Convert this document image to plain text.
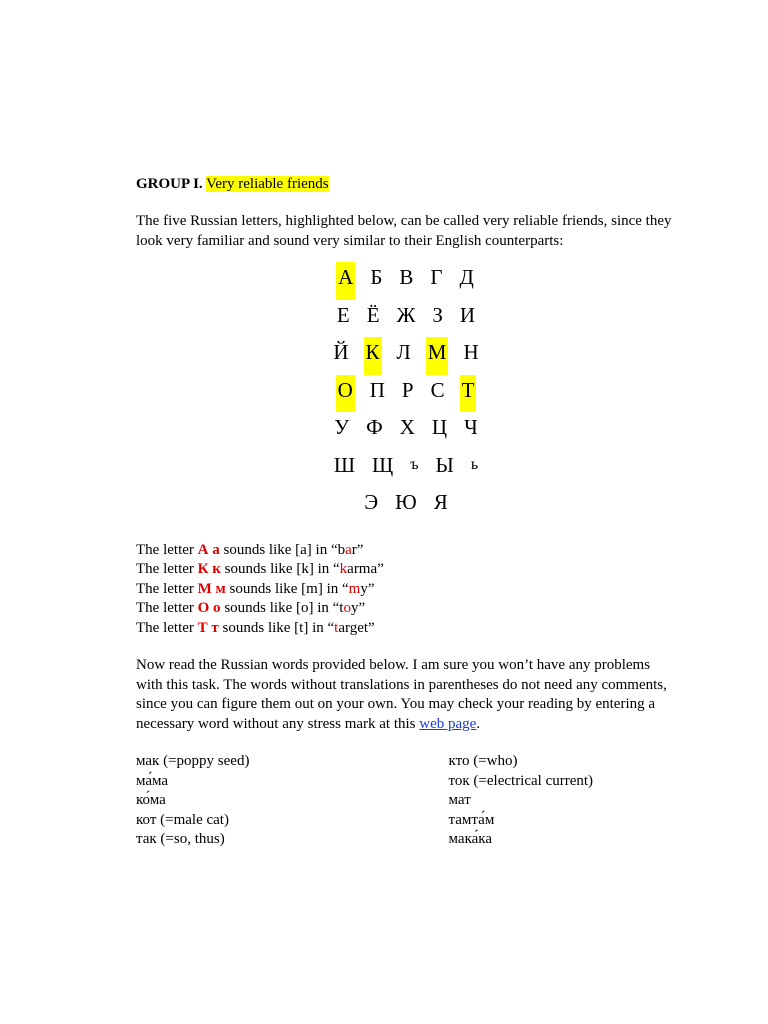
GROUP I. Very reliable friends

The five Russian letters, highlighted below, can be called very reliable friends, since they look very familiar and sound very similar to their English counterparts:

А Б В Г Д
Е Ё Ж З И
Й К Л М Н
О П Р С Т
У Ф Х Ц Ч
Ш Щ ъ Ы ь
Э Ю Я
The letter А а sounds like [a] in “bar”
The letter К к sounds like [k] in “karma”
The letter М м sounds like [m] in “my”
The letter О о sounds like [o] in “toy”
The letter Т т sounds like [t] in “target”

Now read the Russian words provided below. I am sure you won’t have any problems with this task. The words without translations in parentheses do not need any comments, since you can figure them out on your own. You may check your reading by entering a necessary word without any stress mark at this web page.

мак (=poppy seed)
ма́ма
ко́ма
кот (=male cat)
так (=so, thus)
кто (=who)
ток (=electrical current)
мат
тамта́м
мака́ка
